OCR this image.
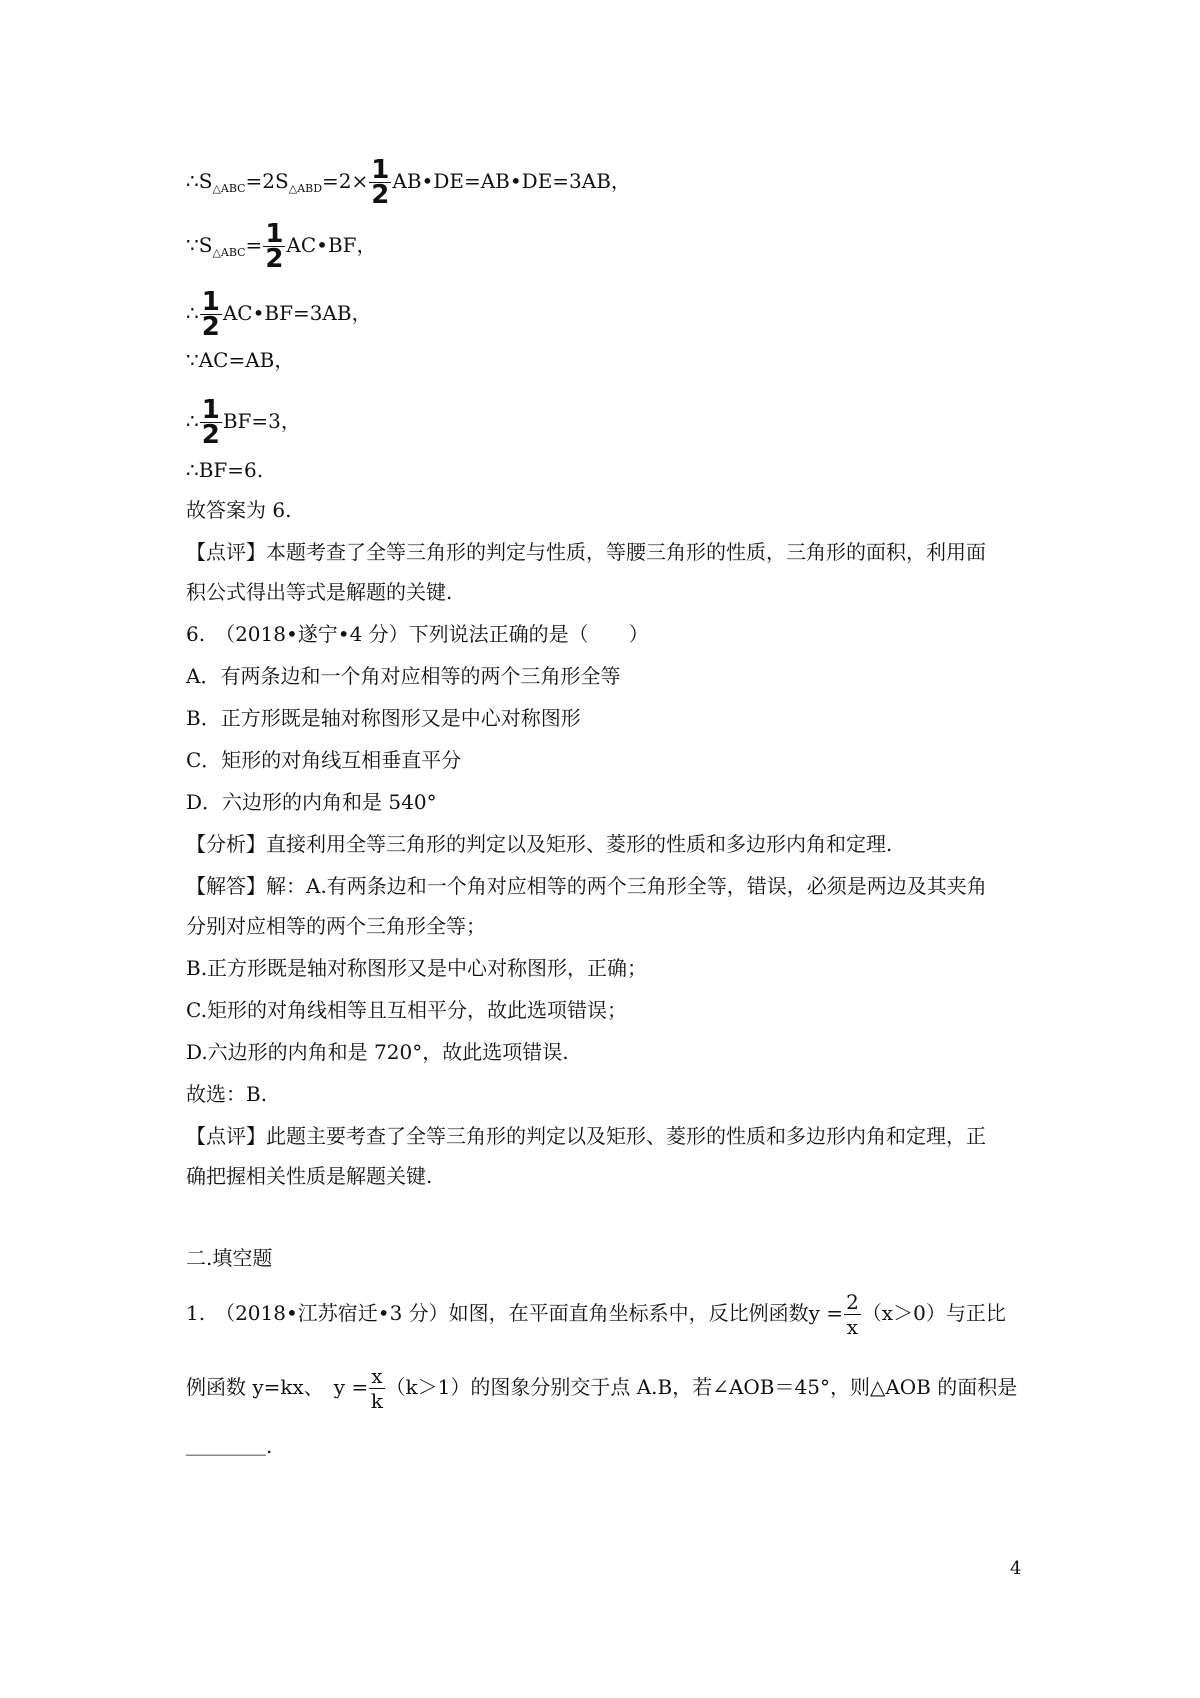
$\therefore S_{\triangle ABC}=2S_{\triangle ABD}=2\times \frac{1}{2}$ AB•DE=AB•DE=3AB，
$\because S_{\triangle ABC}= \frac{1}{2}$ AC•BF，
∴ $\frac{1}{2}$ AC•BF=3AB，
∵AC=AB，
∴ $\frac{1}{2} BF=3$，
∴BF=6.
故答案为 6.
【点评】本题考查了全等三角形的判定与性质，等腰三角形的性质，三角形的面积，利用面
积公式得出等式是解题的关键.
6.　（2018•遂宁•4 分）下列说法正确的是（　　）
A．有两条边和一个角对应相等的两个三角形全等
B．正方形既是轴对称图形又是中心对称图形
C．矩形的对角线互相垂直平分
D．六边形的内角和是 540°
【分析】直接利用全等三角形的判定以及矩形、菱形的性质和多边形内角和定理.
【解答】解：A.有两条边和一个角对应相等的两个三角形全等，错误，必须是两边及其夹角
分别对应相等的两个三角形全等；
B.正方形既是轴对称图形又是中心对称图形，正确；
C.矩形的对角线相等且互相平分，故此选项错误；
D.六边形的内角和是 720°，故此选项错误.
故选：B.
【点评】此题主要考查了全等三角形的判定以及矩形、菱形的性质和多边形内角和定理，正
确把握相关性质是解题关键.
二.填空题
1.　（2018•江苏宿迁•3 分）如图，在平面直角坐标系中，反比例函数$y = \frac{2}{x} (x>0)$与正比
例函数 y=kx、　$y = \frac{x}{k} (k>1)$的图象分别交于点 A.B，若∠AOB＝45°，则△AOB 的面积是
＿＿＿＿.
4
